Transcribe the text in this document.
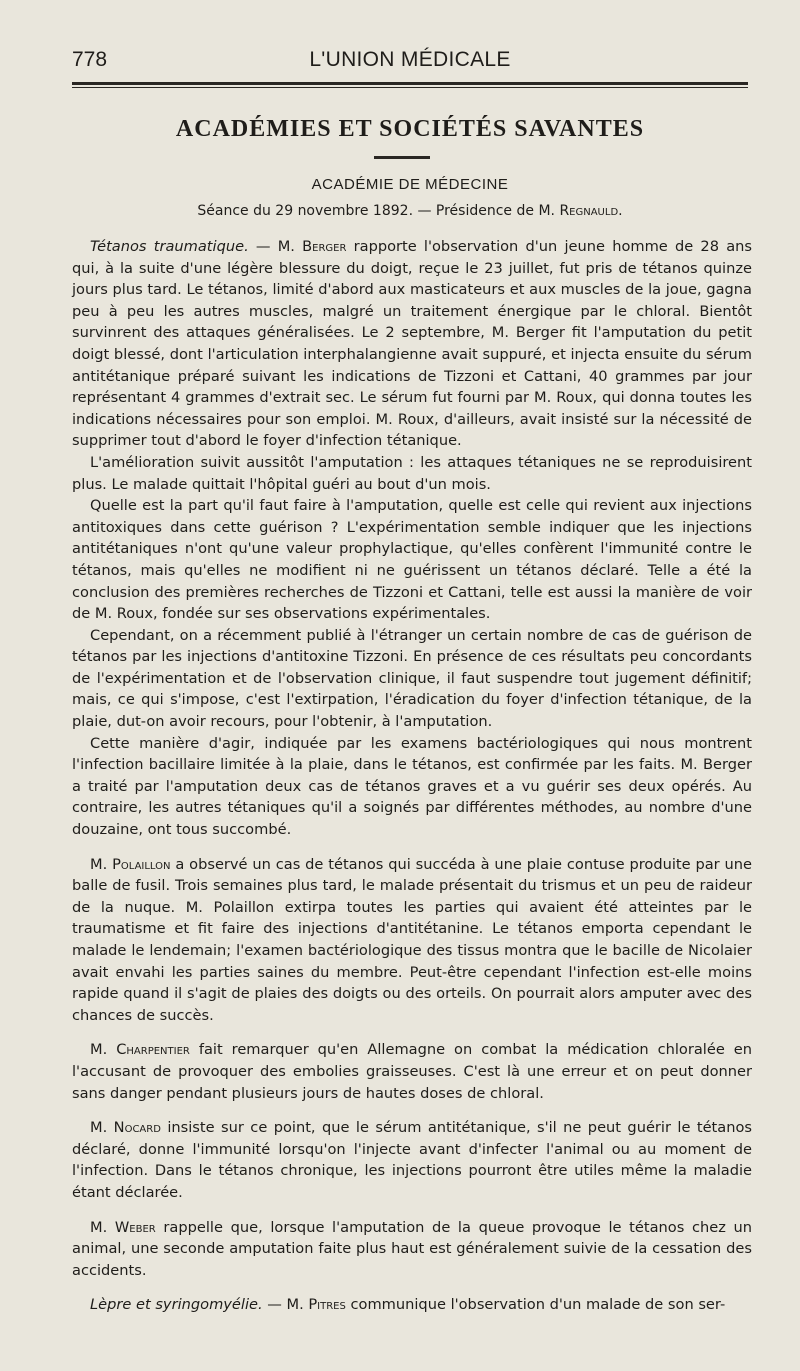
778	L'UNION MÉDICALE
ACADÉMIES ET SOCIÉTÉS SAVANTES
ACADÉMIE DE MÉDECINE
Séance du 29 novembre 1892. — Présidence de M. Regnauld.

Tétanos traumatique. — M. Berger rapporte l'observation d'un jeune homme de 28 ans qui, à la suite d'une légère blessure du doigt, reçue le 23 juillet, fut pris de tétanos quinze jours plus tard. Le tétanos, limité d'abord aux masticateurs et aux muscles de la joue, gagna peu à peu les autres muscles, malgré un traitement énergique par le chloral. Bientôt survinrent des attaques généralisées. Le 2 septembre, M. Berger fit l'amputation du petit doigt blessé, dont l'articulation interphalangienne avait suppuré, et injecta ensuite du sérum antitétanique préparé suivant les indications de Tizzoni et Cattani, 40 grammes par jour représentant 4 grammes d'extrait sec. Le sérum fut fourni par M. Roux, qui donna toutes les indications nécessaires pour son emploi. M. Roux, d'ailleurs, avait insisté sur la nécessité de supprimer tout d'abord le foyer d'infection tétanique.

L'amélioration suivit aussitôt l'amputation : les attaques tétaniques ne se reproduisirent plus. Le malade quittait l'hôpital guéri au bout d'un mois.

Quelle est la part qu'il faut faire à l'amputation, quelle est celle qui revient aux injections antitoxiques dans cette guérison ? L'expérimentation semble indiquer que les injections antitétaniques n'ont qu'une valeur prophylactique, qu'elles confèrent l'immunité contre le tétanos, mais qu'elles ne modifient ni ne guérissent un tétanos déclaré. Telle a été la conclusion des premières recherches de Tizzoni et Cattani, telle est aussi la manière de voir de M. Roux, fondée sur ses observations expérimentales.

Cependant, on a récemment publié à l'étranger un certain nombre de cas de guérison de tétanos par les injections d'antitoxine Tizzoni. En présence de ces résultats peu concordants de l'expérimentation et de l'observation clinique, il faut suspendre tout jugement définitif; mais, ce qui s'impose, c'est l'extirpation, l'éradication du foyer d'infection tétanique, de la plaie, dut-on avoir recours, pour l'obtenir, à l'amputation.

Cette manière d'agir, indiquée par les examens bactériologiques qui nous montrent l'infection bacillaire limitée à la plaie, dans le tétanos, est confirmée par les faits. M. Berger a traité par l'amputation deux cas de tétanos graves et a vu guérir ses deux opérés. Au contraire, les autres tétaniques qu'il a soignés par différentes méthodes, au nombre d'une douzaine, ont tous succombé.

M. Polaillon a observé un cas de tétanos qui succéda à une plaie contuse produite par une balle de fusil. Trois semaines plus tard, le malade présentait du trismus et un peu de raideur de la nuque. M. Polaillon extirpa toutes les parties qui avaient été atteintes par le traumatisme et fit faire des injections d'antitétanine. Le tétanos emporta cependant le malade le lendemain; l'examen bactériologique des tissus montra que le bacille de Nicolaier avait envahi les parties saines du membre. Peut-être cependant l'infection est-elle moins rapide quand il s'agit de plaies des doigts ou des orteils. On pourrait alors amputer avec des chances de succès.

M. Charpentier fait remarquer qu'en Allemagne on combat la médication chloralée en l'accusant de provoquer des embolies graisseuses. C'est là une erreur et on peut donner sans danger pendant plusieurs jours de hautes doses de chloral.

M. Nocard insiste sur ce point, que le sérum antitétanique, s'il ne peut guérir le tétanos déclaré, donne l'immunité lorsqu'on l'injecte avant d'infecter l'animal ou au moment de l'infection. Dans le tétanos chronique, les injections pourront être utiles même la maladie étant déclarée.

M. Weber rappelle que, lorsque l'amputation de la queue provoque le tétanos chez un animal, une seconde amputation faite plus haut est généralement suivie de la cessation des accidents.

Lèpre et syringomyélie. — M. Pitres communique l'observation d'un malade de son ser-
